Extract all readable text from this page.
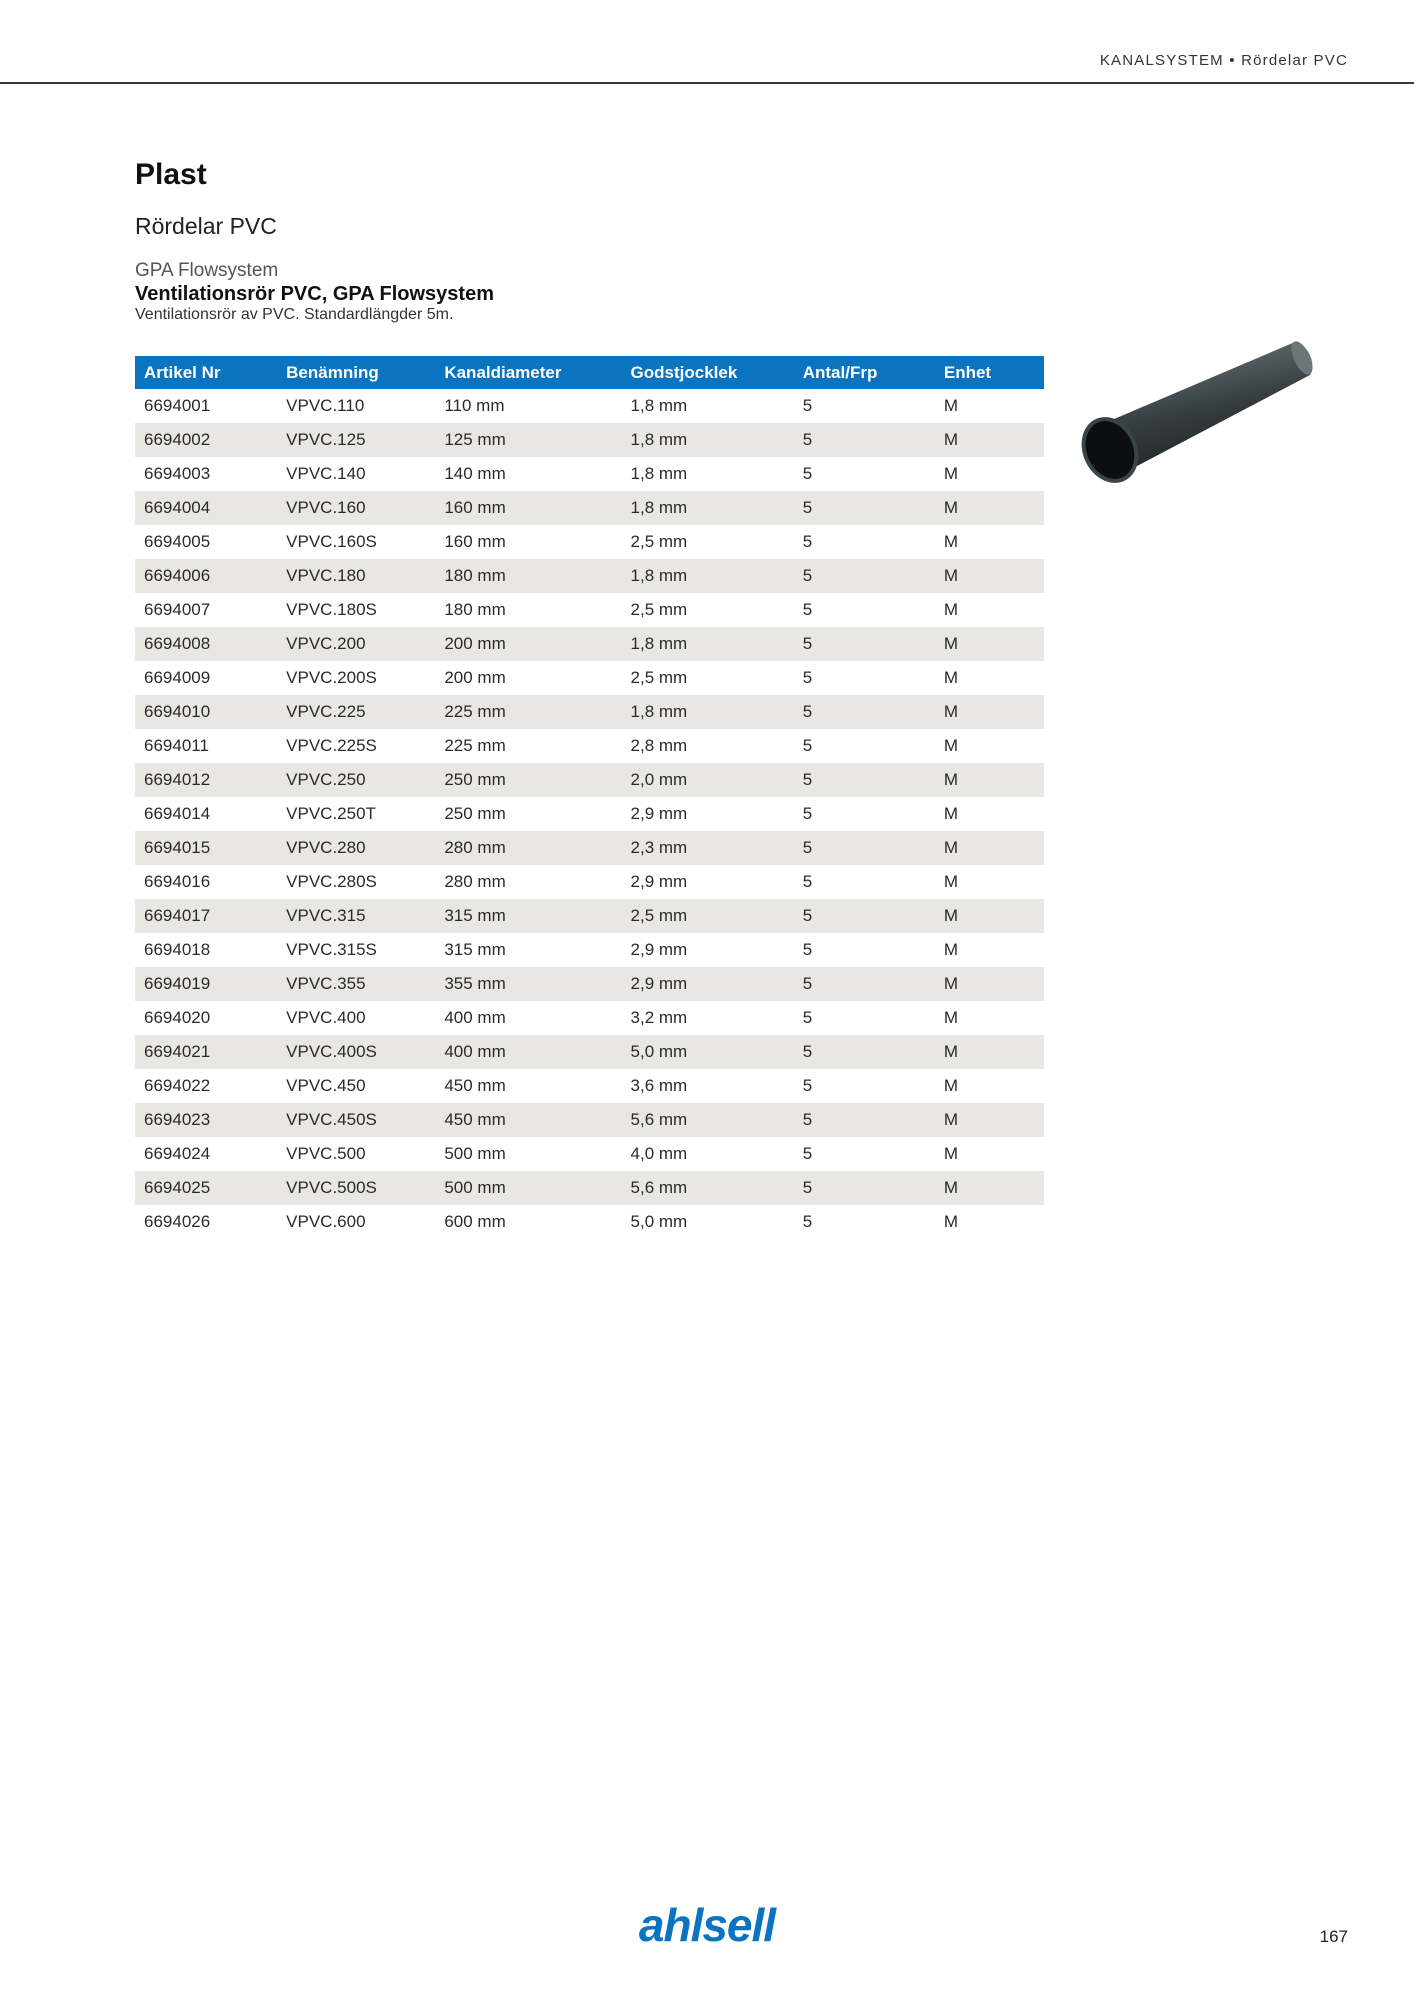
KANALSYSTEM • Rördelar PVC
Plast
Rördelar PVC
GPA Flowsystem
Ventilationsrör PVC, GPA Flowsystem
Ventilationsrör av PVC. Standardlängder 5m.
Artikel Nr	Benämning	Kanaldiameter	Godstjocklek	Antal/Frp	Enhet
6694001	VPVC.110	110 mm	1,8 mm	5	M
6694002	VPVC.125	125 mm	1,8 mm	5	M
6694003	VPVC.140	140 mm	1,8 mm	5	M
6694004	VPVC.160	160 mm	1,8 mm	5	M
6694005	VPVC.160S	160 mm	2,5 mm	5	M
6694006	VPVC.180	180 mm	1,8 mm	5	M
6694007	VPVC.180S	180 mm	2,5 mm	5	M
6694008	VPVC.200	200 mm	1,8 mm	5	M
6694009	VPVC.200S	200 mm	2,5 mm	5	M
6694010	VPVC.225	225 mm	1,8 mm	5	M
6694011	VPVC.225S	225 mm	2,8 mm	5	M
6694012	VPVC.250	250 mm	2,0 mm	5	M
6694014	VPVC.250T	250 mm	2,9 mm	5	M
6694015	VPVC.280	280 mm	2,3 mm	5	M
6694016	VPVC.280S	280 mm	2,9 mm	5	M
6694017	VPVC.315	315 mm	2,5 mm	5	M
6694018	VPVC.315S	315 mm	2,9 mm	5	M
6694019	VPVC.355	355 mm	2,9 mm	5	M
6694020	VPVC.400	400 mm	3,2 mm	5	M
6694021	VPVC.400S	400 mm	5,0 mm	5	M
6694022	VPVC.450	450 mm	3,6 mm	5	M
6694023	VPVC.450S	450 mm	5,6 mm	5	M
6694024	VPVC.500	500 mm	4,0 mm	5	M
6694025	VPVC.500S	500 mm	5,6 mm	5	M
6694026	VPVC.600	600 mm	5,0 mm	5	M
ahlsell	167
